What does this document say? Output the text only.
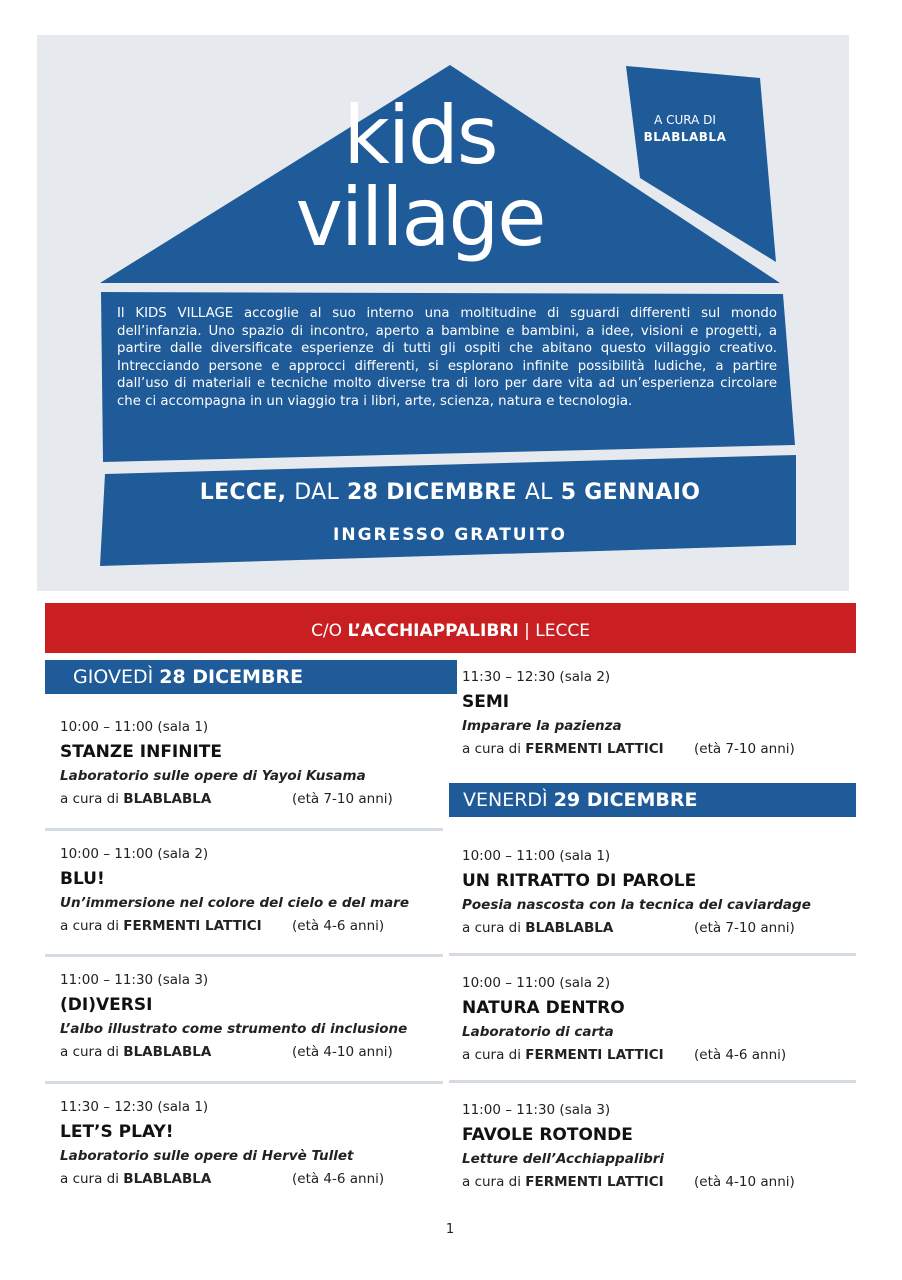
kids
village
A CURA DI
BLABLABLA
Il KIDS VILLAGE accoglie al suo interno una moltitudine di sguardi differenti sul mondo dell’infanzia. Uno spazio di incontro, aperto a bambine e bambini, a idee, visioni e progetti, a partire dalle diversificate esperienze di tutti gli ospiti che abitano questo villaggio creativo. Intrecciando persone e approcci differenti, si esplorano infinite possibilità ludiche, a partire dall’uso di materiali e tecniche molto diverse tra di loro per dare vita ad un’esperienza circolare che ci accompagna in un viaggio tra i libri, arte, scienza, natura e tecnologia.
LECCE, DAL 28 DICEMBRE AL 5 GENNAIO
INGRESSO GRATUITO
C/O L’ACCHIAPPALIBRI | LECCE
GIOVEDÌ 28 DICEMBRE
10:00 – 11:00 (sala 1)
STANZE INFINITE
Laboratorio sulle opere di Yayoi Kusama
a cura di BLABLABLA	(età 7-10 anni)
10:00 – 11:00 (sala 2)
BLU!
Un’immersione nel colore del cielo e del mare
a cura di FERMENTI LATTICI (età 4-6 anni)
11:00 – 11:30 (sala 3)
(DI)VERSI
L’albo illustrato come strumento di inclusione
a cura di BLABLABLA	(età 4-10 anni)
11:30 – 12:30 (sala 1)
LET’S PLAY!
Laboratorio sulle opere di Hervè Tullet
a cura di BLABLABLA	(età 4-6 anni)
11:30 – 12:30 (sala 2)
SEMI
Imparare la pazienza
a cura di FERMENTI LATTICI (età 7-10 anni)
VENERDÌ 29 DICEMBRE
10:00 – 11:00 (sala 1)
UN RITRATTO DI PAROLE
Poesia nascosta con la tecnica del caviardage
a cura di BLABLABLA	(età 7-10 anni)
10:00 – 11:00 (sala 2)
NATURA DENTRO
Laboratorio di carta
a cura di FERMENTI LATTICI (età 4-6 anni)
11:00 – 11:30 (sala 3)
FAVOLE ROTONDE
Letture dell’Acchiappalibri
a cura di FERMENTI LATTICI (età 4-10 anni)
1
